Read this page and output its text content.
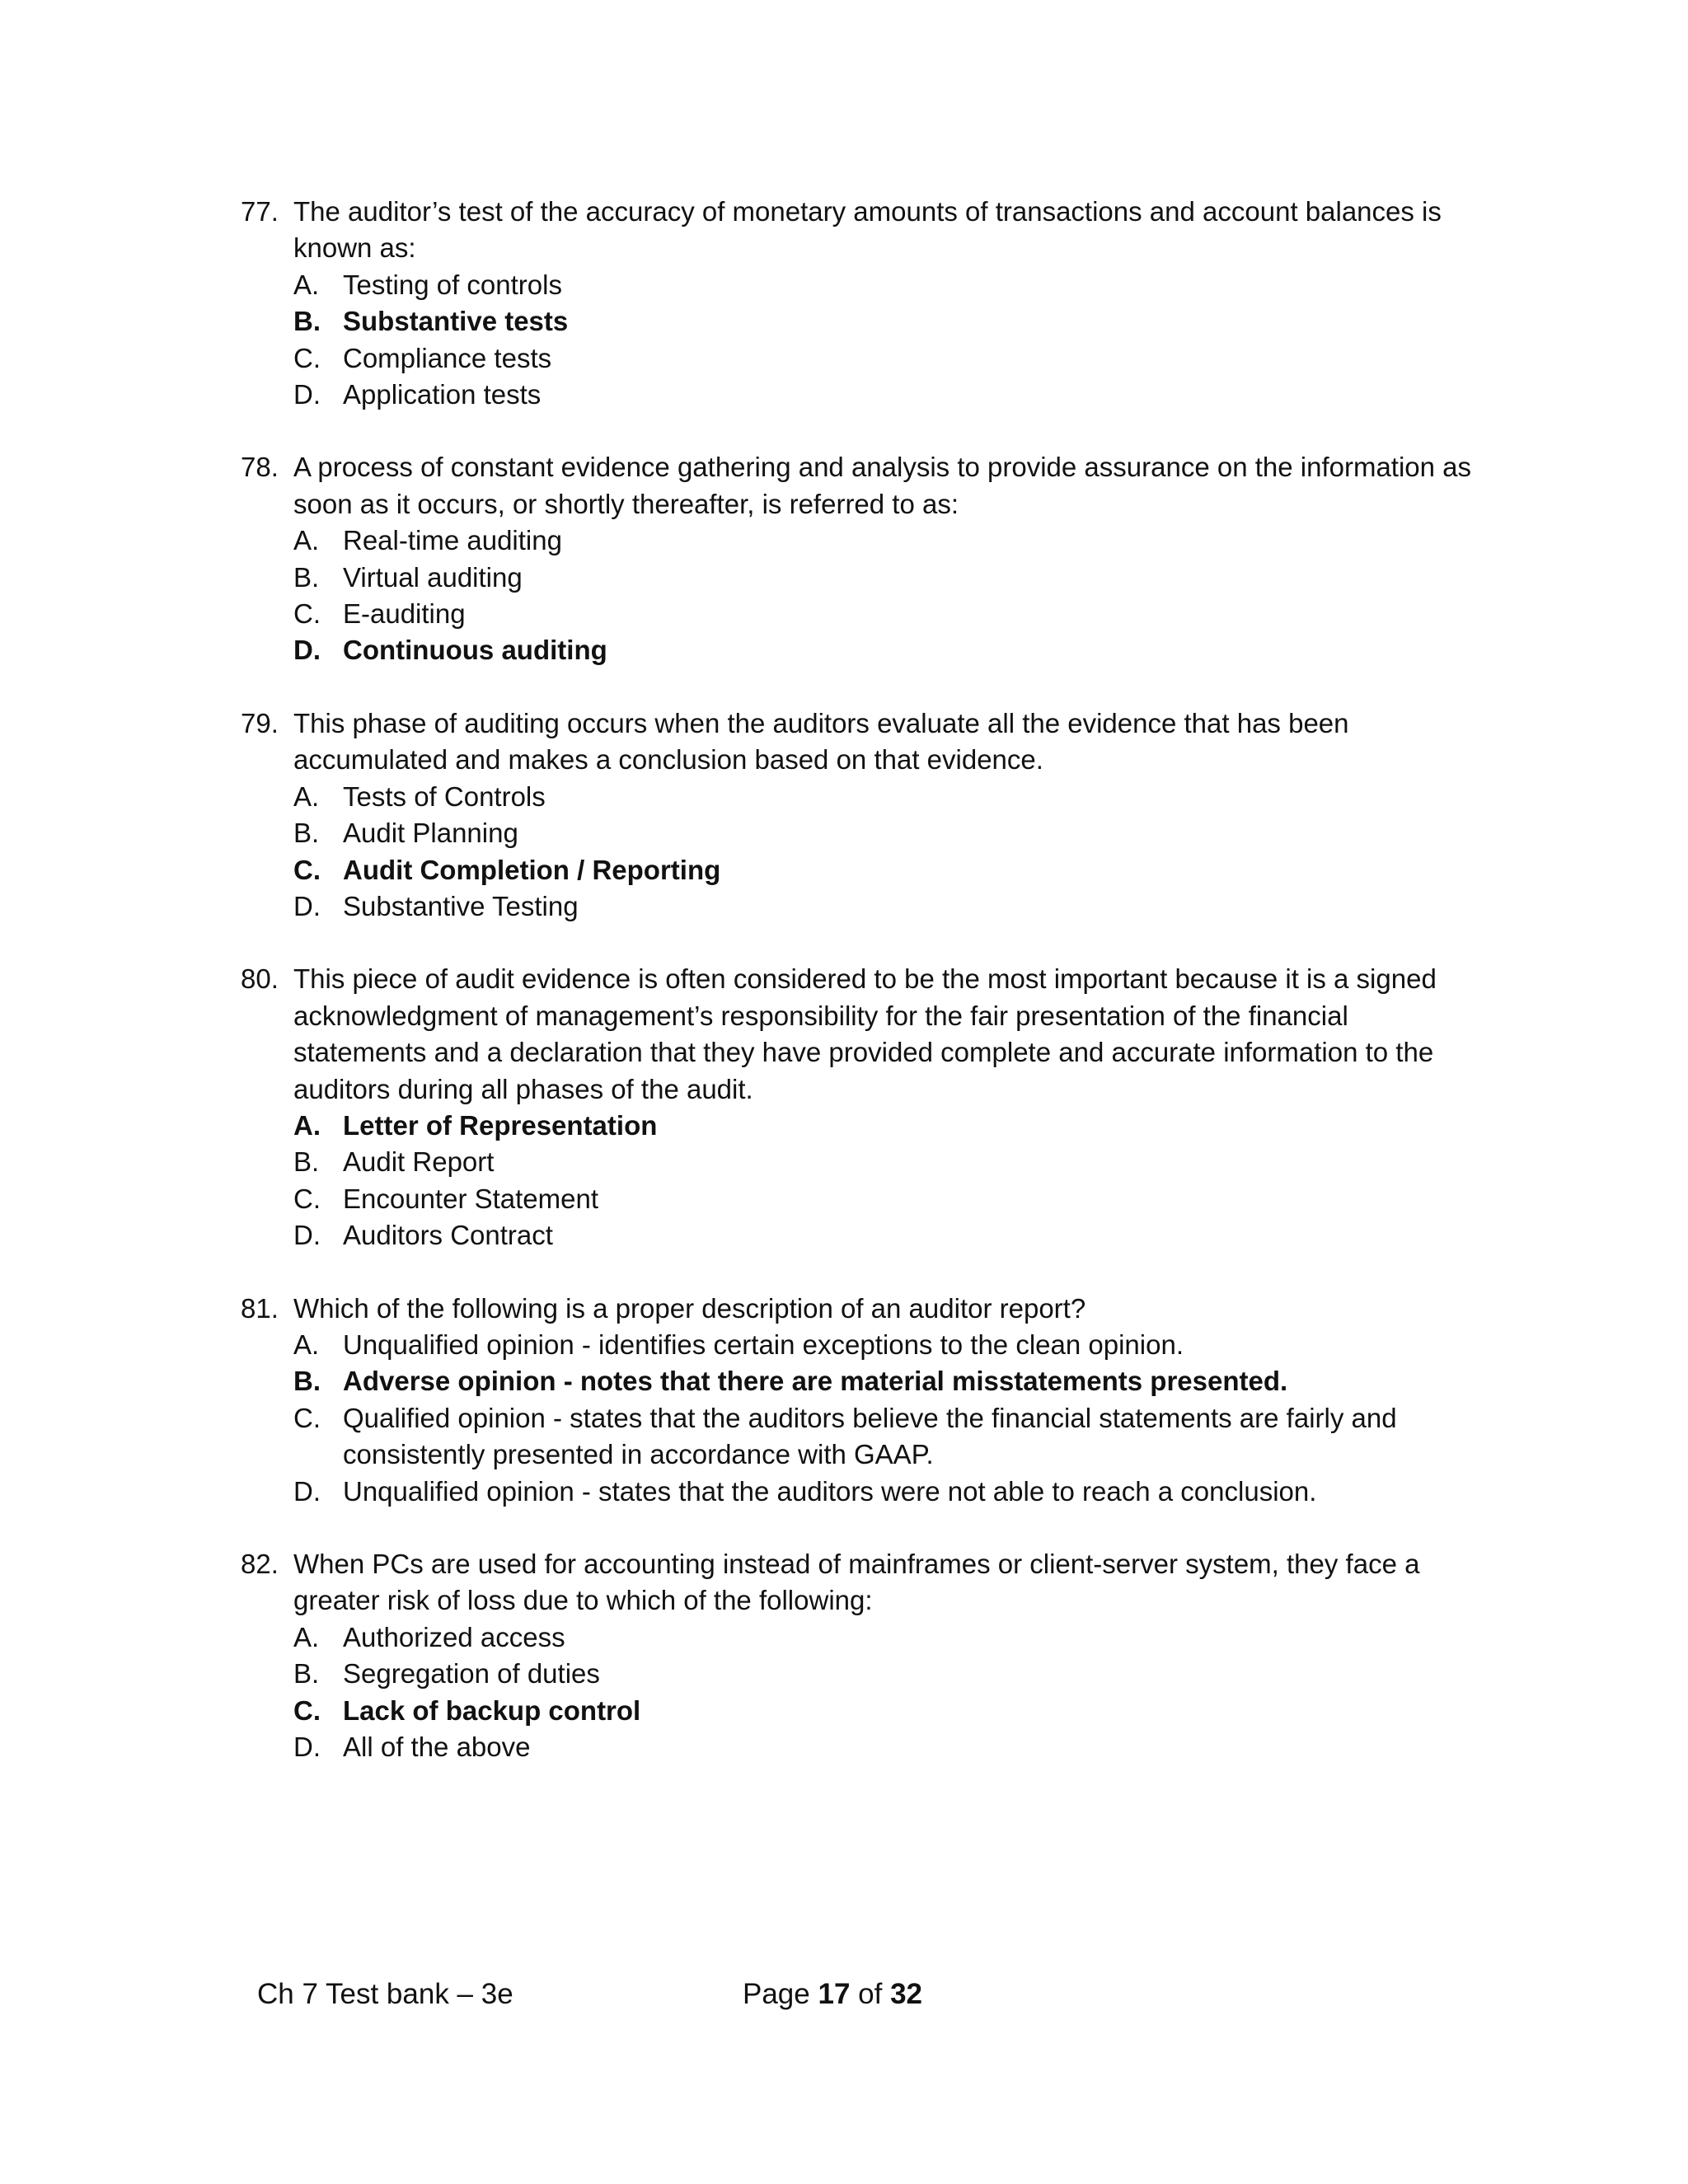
77. The auditor’s test of the accuracy of monetary amounts of transactions and account balances is known as:
A. Testing of controls
B. Substantive tests
C. Compliance tests
D. Application tests
78. A process of constant evidence gathering and analysis to provide assurance on the information as soon as it occurs, or shortly thereafter, is referred to as:
A. Real-time auditing
B. Virtual auditing
C. E-auditing
D. Continuous auditing
79. This phase of auditing occurs when the auditors evaluate all the evidence that has been accumulated and makes a conclusion based on that evidence.
A. Tests of Controls
B. Audit Planning
C. Audit Completion / Reporting
D. Substantive Testing
80. This piece of audit evidence is often considered to be the most important because it is a signed acknowledgment of management’s responsibility for the fair presentation of the financial statements and a declaration that they have provided complete and accurate information to the auditors during all phases of the audit.
A. Letter of Representation
B. Audit Report
C. Encounter Statement
D. Auditors Contract
81. Which of the following is a proper description of an auditor report?
A. Unqualified opinion - identifies certain exceptions to the clean opinion.
B. Adverse opinion - notes that there are material misstatements presented.
C. Qualified opinion - states that the auditors believe the financial statements are fairly and consistently presented in accordance with GAAP.
D. Unqualified opinion - states that the auditors were not able to reach a conclusion.
82. When PCs are used for accounting instead of mainframes or client-server system, they face a greater risk of loss due to which of the following:
A. Authorized access
B. Segregation of duties
C. Lack of backup control
D. All of the above
Ch 7 Test bank – 3e	Page 17 of 32
